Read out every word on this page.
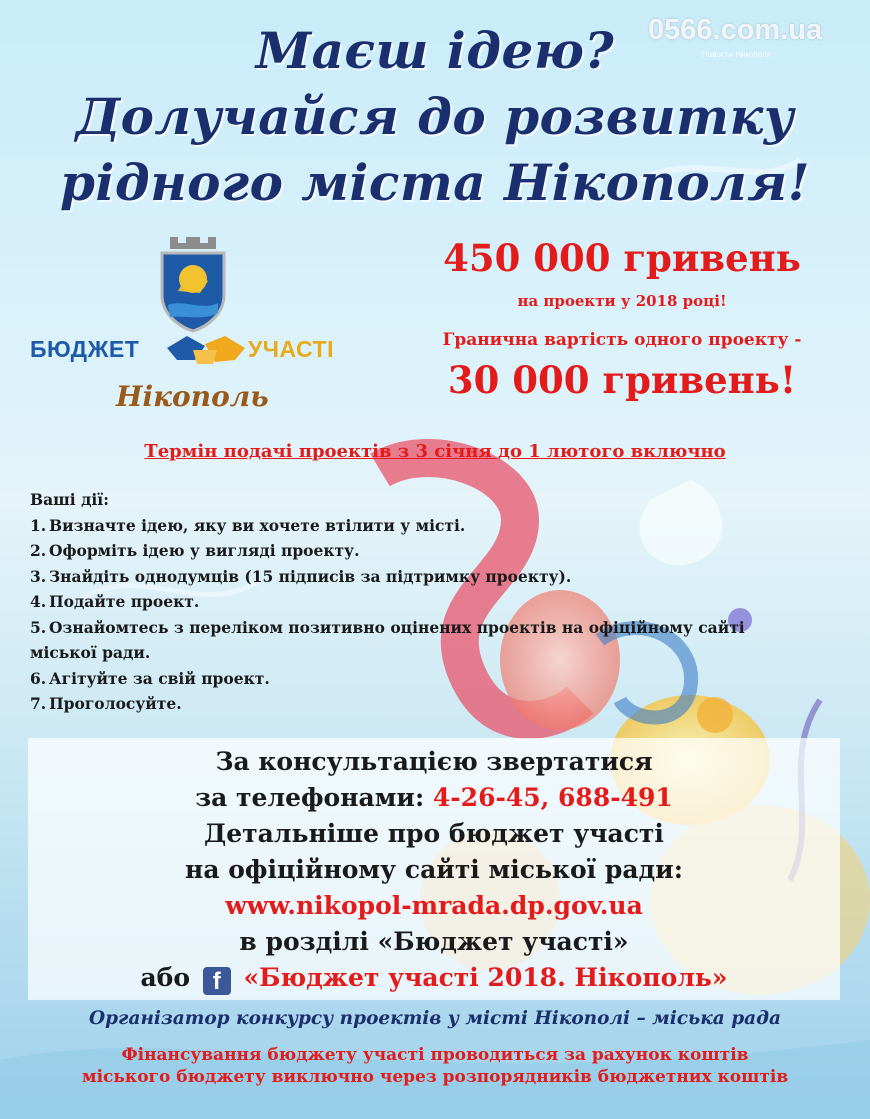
0566.com.ua
Новости Никополя
Маєш ідею?
Долучайся до розвитку
рідного міста Нікополя!
БЮДЖЕТ	УЧАСТІ
Нікополь
450 000 гривень
на проекти у 2018 році!
Гранична вартість одного проекту -
30 000 гривень!
Термін подачі проектів з 3 січня до 1 лютого включно
Ваші дії:
1. Визначте ідею, яку ви хочете втілити у місті.
2. Оформіть ідею у вигляді проекту.
3. Знайдіть однодумців (15 підписів за підтримку проекту).
4. Подайте проект.
5. Ознайомтесь з переліком позитивно оцінених проектів на офіційному сайті
міської ради.
6. Агітуйте за свій проект.
7. Проголосуйте.
За консультацією звертатися
за телефонами: 4-26-45, 688-491
Детальніше про бюджет участі
на офіційному сайті міської ради:
www.nikopol-mrada.dp.gov.ua
в розділі «Бюджет участі»
або f «Бюджет участі 2018. Нікополь»
Організатор конкурсу проектів у місті Нікополі – міська рада
Фінансування бюджету участі проводиться за рахунок коштів
міського бюджету виключно через розпорядників бюджетних коштів
